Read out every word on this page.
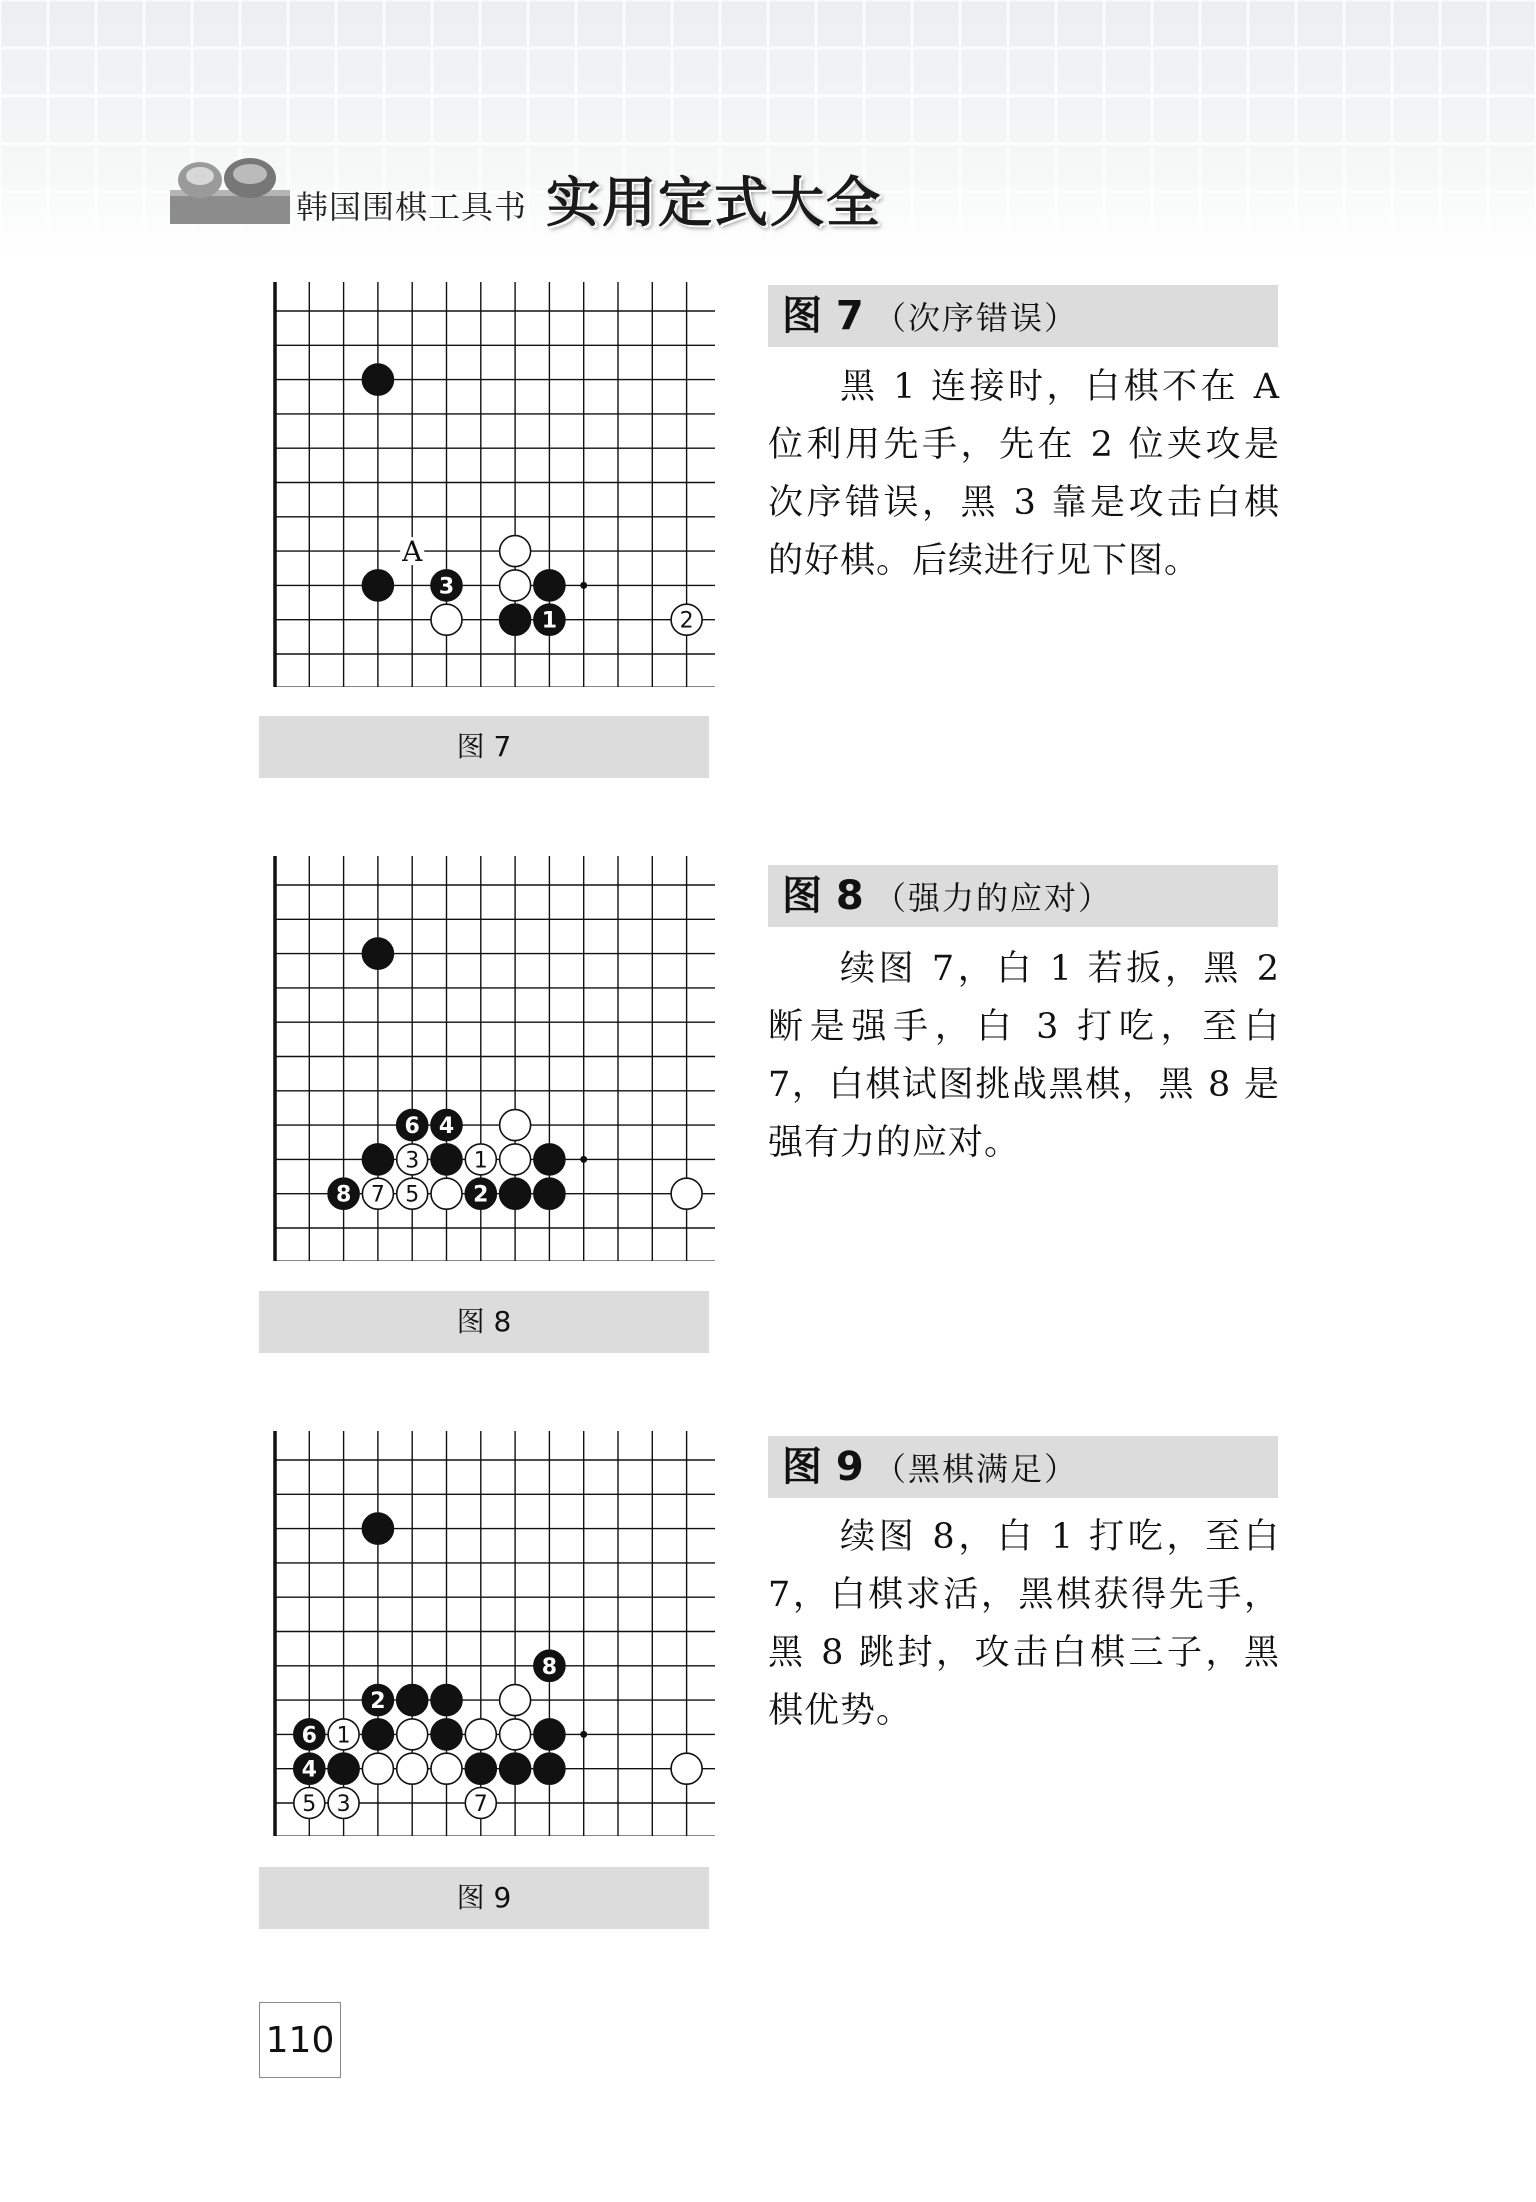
韩国围棋工具书 实用定式大全
A
3
1	2
图 7
图 7 （次序错误）
黑 1 连接时，白棋不在 A 位利用先手，先在 2 位夹攻是次序错误，黑 3 靠是攻击白棋的好棋。后续进行见下图。
6 4
3 1
8 7 5 2
图 8
图 8 （强力的应对）
续图 7，白 1 若扳，黑 2 断是强手，白 3 打吃，至白 7，白棋试图挑战黑棋，黑 8 是强有力的应对。
8
2
6 1
4
5 3	7
图 9
图 9 （黑棋满足）
续图 8，白 1 打吃，至白 7，白棋求活，黑棋获得先手，黑 8 跳封，攻击白棋三子，黑棋优势。
110
